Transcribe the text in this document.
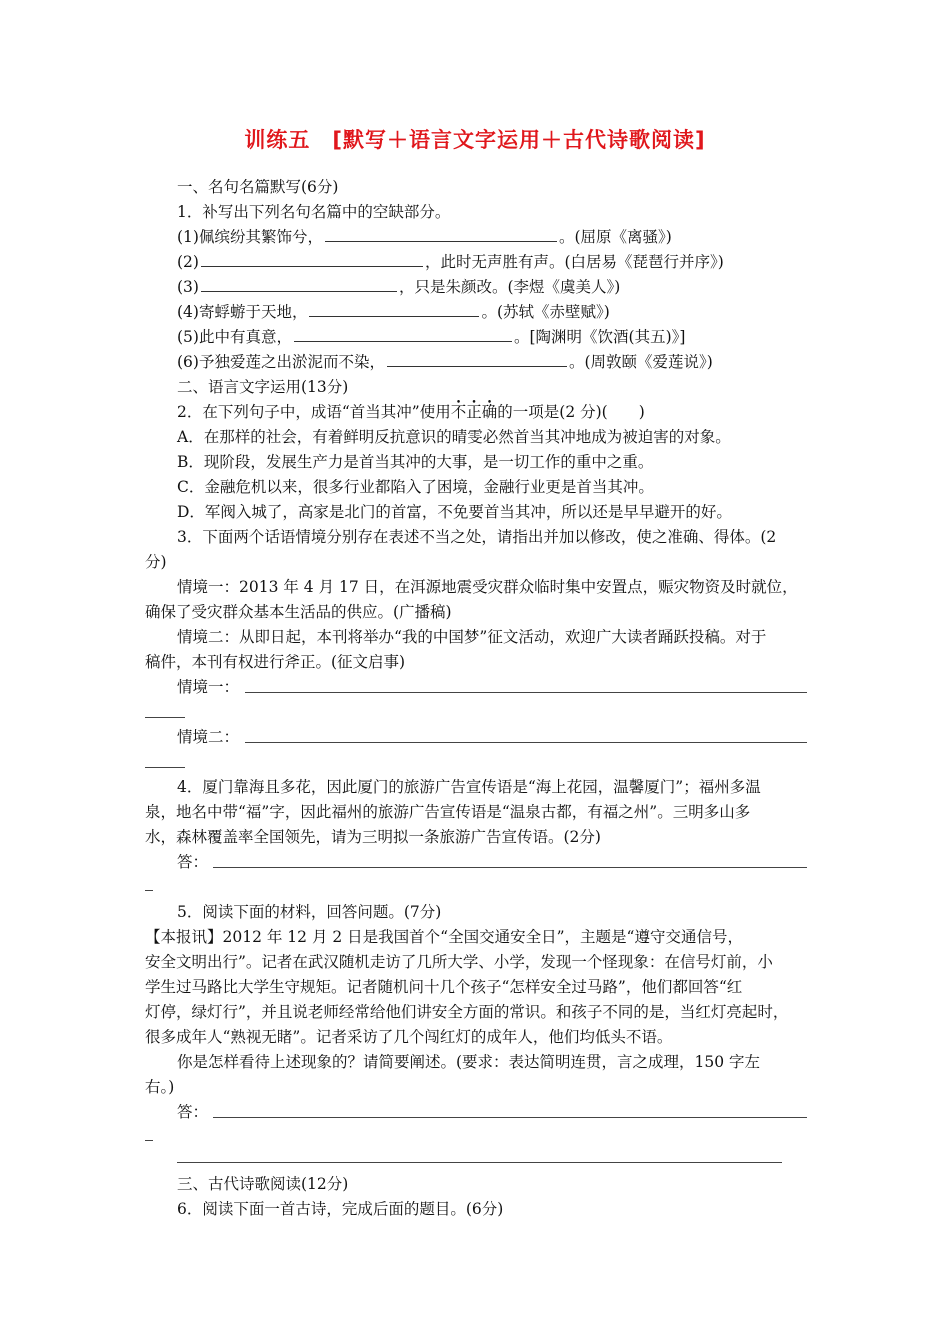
训练五　[默写＋语言文字运用＋古代诗歌阅读]
一、名句名篇默写(6分)
1．补写出下列名句名篇中的空缺部分。
(1)佩缤纷其繁饰兮，	。(屈原《离骚》)
(2)	，此时无声胜有声。(白居易《琵琶行并序》)
(3)	，只是朱颜改。(李煜《虞美人》)
(4)寄蜉蝣于天地，	。(苏轼《赤壁赋》)
(5)此中有真意，	。[陶渊明《饮酒(其五)》]
(6)予独爱莲之出淤泥而不染，	。(周敦颐《爱莲说》)
二、语言文字运用(13分)
2．在下列句子中，成语“首当其冲”使用不正确的一项是(2 分)(　　)
A．在那样的社会，有着鲜明反抗意识的晴雯必然首当其冲地成为被迫害的对象。
B．现阶段，发展生产力是首当其冲的大事，是一切工作的重中之重。
C．金融危机以来，很多行业都陷入了困境，金融行业更是首当其冲。
D．军阀入城了，高家是北门的首富，不免要首当其冲，所以还是早早避开的好。
3．下面两个话语情境分别存在表述不当之处，请指出并加以修改，使之准确、得体。(2
分)
情境一：2013 年 4 月 17 日，在洱源地震受灾群众临时集中安置点，赈灾物资及时就位，
确保了受灾群众基本生活品的供应。(广播稿)
情境二：从即日起，本刊将举办“我的中国梦”征文活动，欢迎广大读者踊跃投稿。对于
稿件，本刊有权进行斧正。(征文启事)
情境一：
情境二：
4．厦门靠海且多花，因此厦门的旅游广告宣传语是“海上花园，温馨厦门”；福州多温
泉，地名中带“福”字，因此福州的旅游广告宣传语是“温泉古都，有福之州”。三明多山多
水，森林覆盖率全国领先，请为三明拟一条旅游广告宣传语。(2分)
答：
5．阅读下面的材料，回答问题。(7分)
【本报讯】2012 年 12 月 2 日是我国首个“全国交通安全日”，主题是“遵守交通信号，
安全文明出行”。记者在武汉随机走访了几所大学、小学，发现一个怪现象：在信号灯前，小
学生过马路比大学生守规矩。记者随机问十几个孩子“怎样安全过马路”，他们都回答“红
灯停，绿灯行”，并且说老师经常给他们讲安全方面的常识。和孩子不同的是，当红灯亮起时，
很多成年人“熟视无睹”。记者采访了几个闯红灯的成年人，他们均低头不语。
你是怎样看待上述现象的？请简要阐述。(要求：表达简明连贯，言之成理，150 字左
右。)
答：
三、古代诗歌阅读(12分)
6．阅读下面一首古诗，完成后面的题目。(6分)
